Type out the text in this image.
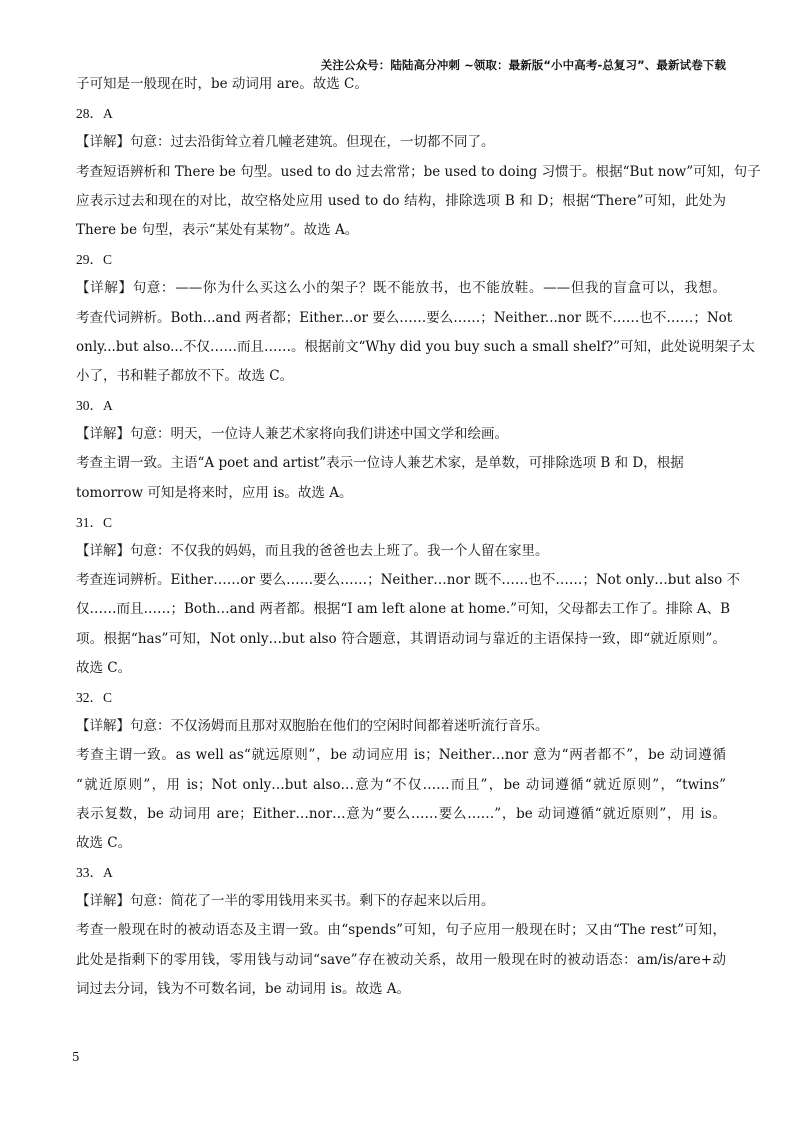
关注公众号：陆陆高分冲刺 ~领取：最新版“小中高考-总复习”、最新试卷下载
子可知是一般现在时，be 动词用 are。故选 C。
28．A
【详解】句意：过去沿街耸立着几幢老建筑。但现在，一切都不同了。
考查短语辨析和 There be 句型。used to do 过去常常；be used to doing 习惯于。根据“But now”可知，句子
应表示过去和现在的对比，故空格处应用 used to do 结构，排除选项 B 和 D；根据“There”可知，此处为
There be 句型，表示“某处有某物”。故选 A。
29．C
【详解】句意：——你为什么买这么小的架子？既不能放书，也不能放鞋。——但我的盲盒可以，我想。
考查代词辨析。Both...and 两者都；Either...or 要么……要么……；Neither...nor 既不……也不……；Not
only...but also...不仅……而且……。根据前文“Why did you buy such a small shelf?”可知，此处说明架子太
小了，书和鞋子都放不下。故选 C。
30．A
【详解】句意：明天，一位诗人兼艺术家将向我们讲述中国文学和绘画。
考查主谓一致。主语“A poet and artist”表示一位诗人兼艺术家，是单数，可排除选项 B 和 D，根据
tomorrow 可知是将来时，应用 is。故选 A。
31．C
【详解】句意：不仅我的妈妈，而且我的爸爸也去上班了。我一个人留在家里。
考查连词辨析。Either……or 要么……要么……；Neither…nor 既不……也不……；Not only…but also 不
仅……而且……；Both…and 两者都。根据“I am left alone at home.”可知，父母都去工作了。排除 A、B
项。根据“has”可知，Not only…but also 符合题意，其谓语动词与靠近的主语保持一致，即“就近原则”。
故选 C。
32．C
【详解】句意：不仅汤姆而且那对双胞胎在他们的空闲时间都着迷听流行音乐。
考查主谓一致。as well as“就远原则”，be 动词应用 is；Neither…nor 意为“两者都不”，be 动词遵循
“就近原则”，用 is；Not only…but also…意为“不仅……而且”，be 动词遵循“就近原则”，“twins”
表示复数，be 动词用 are；Either…nor…意为“要么……要么……”，be 动词遵循“就近原则”，用 is。
故选 C。
33．A
【详解】句意：简花了一半的零用钱用来买书。剩下的存起来以后用。
考查一般现在时的被动语态及主谓一致。由“spends”可知，句子应用一般现在时；又由“The rest”可知，
此处是指剩下的零用钱，零用钱与动词“save”存在被动关系，故用一般现在时的被动语态：am/is/are+动
词过去分词，钱为不可数名词，be 动词用 is。故选 A。
5
